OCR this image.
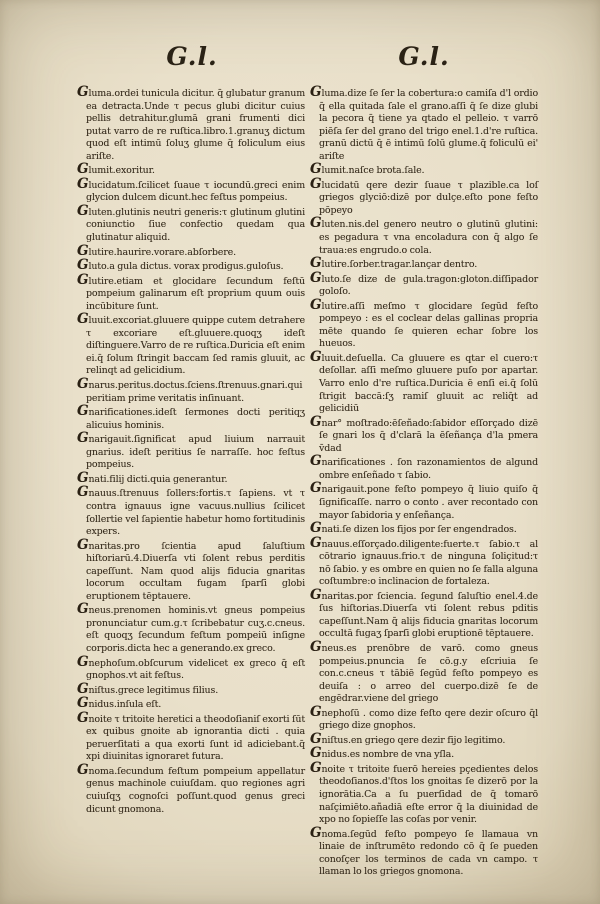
G.l.	G.l.

Gluma.ordei tunicula dicitur. q̄ glubatur granum ea detracta.Unde τ pecus glubi dicitur cuius pellis detrahitur.glumā grani frumenti dici putat varro de re ruſtica.libro.1.granuʒ dictum quod eſt intimū ſoluʒ glume q̄ foliculum eius ariſte.

Glumit.exoritur.

Glucidatum.ſcilicet ſuaue τ iocundū.greci enim glycion dulcem dicunt.hec feſtus pompeius.

Gluten.glutinis neutri generis:τ glutinum glutini coniunctio ſiue confectio quedam qua glutinatur aliquid.

Glutire.haurire.vorare.abſorbere.

Gluto.a gula dictus. vorax prodigus.guloſus.

Glutire.etiam et glocidare ſecundum feſtū pompeium galinarum eſt proprium quum ouis incūbiture ſunt.

Gluuit.excoriat.gluuere quippe cutem detrahere τ excoriare eſt.gluuere.quoqʒ ideſt diſtinguere.Varro de re ruſtica.Duricia eſt enim ei.q̄ ſolum ſtringit baccam ſed ramis gluuit, ac relinqt ad gelicidium.

Gnarus.peritus.doctus.ſciens.ſtrenuus.gnari.qui peritiam prime veritatis inſinuant.

Gnarificationes.ideſt ſermones docti peritiqʒ alicuius hominis.

Gnarigauit.ſignificat apud liuium narrauit gnarius. ideſt peritius ſe narraſſe. hoc feſtus pompeius.

Gnati.filij dicti.quia generantur.

Gnauus.ſtrenuus ſollers:fortis.τ ſapiens. vt τ contra ignauus igne vacuus.nullius ſcilicet ſollertie vel ſapientie habetur homo fortitudinis expers.

Gnaritas.pro ſcientia apud ſaluſtium hiſtoriarū.4.Diuerſa vti ſolent rebus perditis capeſſunt. Nam quod alijs fiducia gnaritas locorum occultam fugam ſparſi globi eruptionem tēptauere.

Gneus.prenomen hominis.vt gneus pompeius pronunciatur cum.g.τ ſcribebatur cuʒ.c.cneus. eſt quoqʒ ſecundum feſtum pompeiū inſigne corporis.dicta hec a generando.ex greco.

Gnephoſum.obſcurum videlicet ex greco q̄ eſt gnophos.vt ait feſtus.

Gniſtus.grece legitimus filius.

Gnidus.inſula eſt.

Gnoite τ tritoite heretici a theodoſianiſ exorti ſūt ex quibus gnoite ab ignorantia dicti . quia peruerſitati a qua exorti ſunt id adiciebant.q̄ xpi diuinitas ignoraret futura.

Gnoma.ſecundum feſtum pompeium appellatur genus machinole cuiuſdam. quo regiones agri cuiuſqʒ cognoſci poſſunt.quod genus greci dicunt gnomona.

Gluma.dize ſe ſer la cobertura:o camiſa d'l ordio q̄ ella quitada ſale el grano.aſſi q̄ ſe dize glubi la pecora q̄ tiene ya qtado el pelleio. τ varrō piēſa ſer del grano del trigo enel.1.d're ruſtica. granū dictū q̄ ē intimū ſolū glume.q̄ foliculū ei' ariſte

Glumit.naſce brota.ſale.

Glucidatū qere dezir ſuaue τ plazible.ca loſ griegos glyciō:dizē por dulçe.eſto pone feſto pōpeyo

Gluten.nis.del genero neutro o glutinū glutini: es pegadura τ vna encoladura con q̄ algo ſe traua:es engrudo.o cola.

Glutire.ſorber.tragar.lançar dentro.

Gluto.ſe dize de gula.tragon:gloton.diſſipador goloſo.

Glutire.aſſi meſmo τ glocidare ſegūd feſto pompeyo : es el coclear delas gallinas propria mēte quando ſe quieren echar ſobre los hueuos.

Gluuit.deſuella. Ca gluuere es qtar el cuero:τ deſollar. aſſi meſmo gluuere puſo por apartar. Varro enlo d're ruſtica.Duricia ē enſi ei.q̄ ſolū ſtrigit baccā:ſʒ ramiſ gluuit ac reliq̄t ad gelicidiū

Gnar° moſtrado:ēſeñado:ſabidor eſſorçado dizē ſe gnari los q̄ d'clarā la ēſeñança d'la pmera v̄dad

Gnarificationes . ſon razonamientos de algund ombre enſeñado τ ſabio.

Gnarigauit.pone feſto pompeyo q̄ liuio quiſo q̄ ſignificaſſe. narro o conto . aver recontado con mayor ſabidoria y enſeñança.

Gnati.ſe dizen los fijos por ſer engendrados.

Gnauus.eſſorçado.diligente:fuerte.τ ſabio.τ al cōtrario ignauus.frio.τ de ninguna ſoliçitud:τ nō ſabio. y es ombre en quien no ſe falla alguna coſtumbre:o inclinacion de fortaleza.

Gnaritas.por ſciencia. ſegund ſaluſtio enel.4.de ſus hiſtorias.Diuerſa vti ſolent rebus pditis capeſſunt.Nam q̄ alijs fiducia gnaritas locorum occultā fugaʒ ſparſi globi eruptionē tēptauere.

Gneus.es prenōbre de varō. como gneus pompeius.pnuncia ſe cō.g.y eſcriuia ſe con.c.cneus τ tābiē ſegūd feſto pompeyo es deuiſa : o arreo del cuerpo.dizē ſe de engēdrar.viene del griego

Gnephoſū . como dize feſto qere dezir oſcuro q̄l griego dize gnophos.

Gniſtus.en griego qere dezir fijo legitimo.

Gnidus.es nombre de vna yſla.

Gnoite τ tritoite fuerō hereies pçedientes delos theodoſianos.d'ſtos los gnoitas ſe dizerō por la ignorātia.Ca a ſu puerſidad de q̄ tomarō naſçimiēto.añadiā eſte error q̄ la diuinidad de xpo no ſopieſſe las coſas por venir.

Gnoma.ſegūd feſto pompeyo ſe llamaua vn linaie de inſtrumēto redondo cō q̄ ſe pueden conoſçer los terminos de cada vn campo. τ llaman lo los griegos gnomona.
